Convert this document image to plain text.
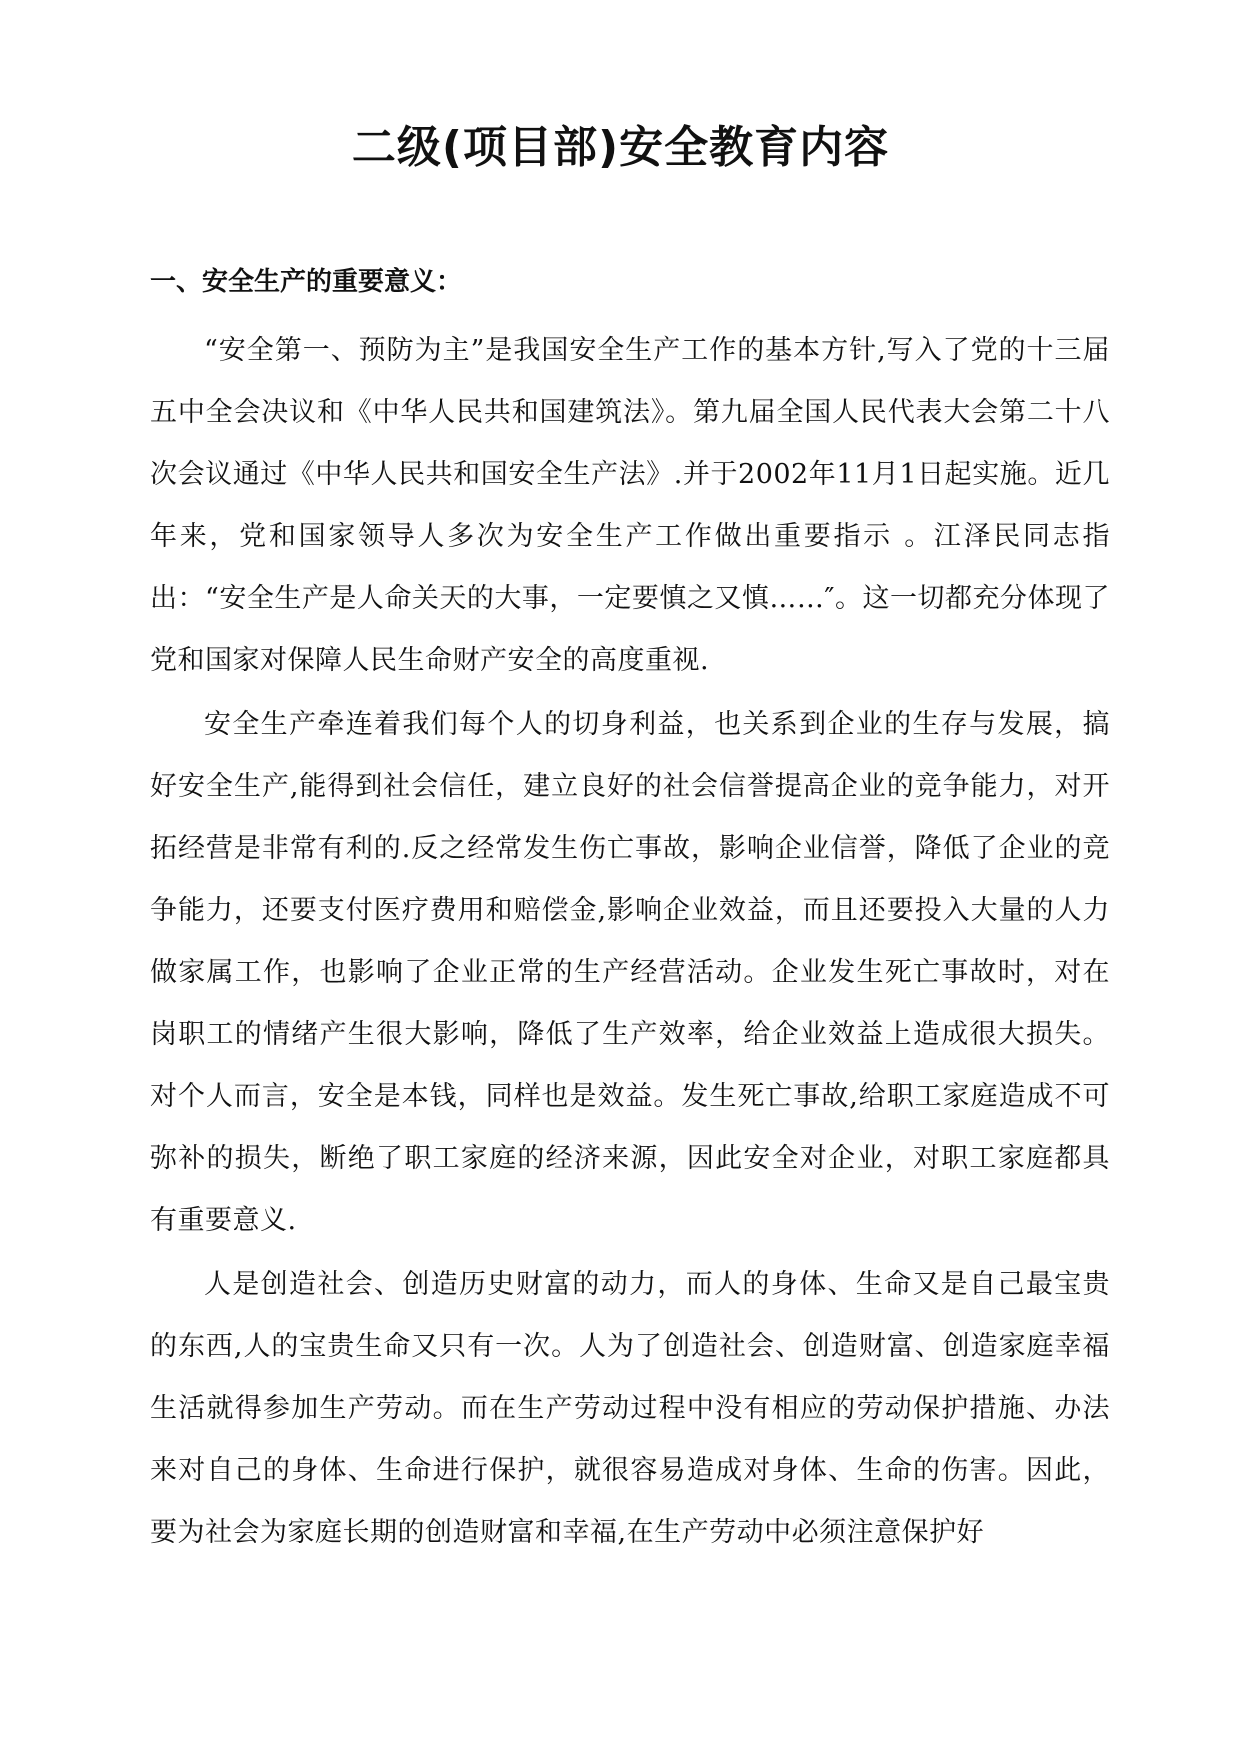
二级(项目部)安全教育内容
一、安全生产的重要意义：

“安全第一、预防为主”是我国安全生产工作的基本方针,写入了党的十三届五中全会决议和《中华人民共和国建筑法》。第九届全国人民代表大会第二十八次会议通过《中华人民共和国安全生产法》.并于2002年11月1日起实施。近几年来，党和国家领导人多次为安全生产工作做出重要指示 。江泽民同志指出：“安全生产是人命关天的大事，一定要慎之又慎……″。这一切都充分体现了党和国家对保障人民生命财产安全的高度重视.

安全生产牵连着我们每个人的切身利益，也关系到企业的生存与发展，搞好安全生产,能得到社会信任，建立良好的社会信誉提高企业的竞争能力，对开拓经营是非常有利的.反之经常发生伤亡事故，影响企业信誉，降低了企业的竞争能力，还要支付医疗费用和赔偿金,影响企业效益，而且还要投入大量的人力做家属工作，也影响了企业正常的生产经营活动。企业发生死亡事故时，对在岗职工的情绪产生很大影响，降低了生产效率，给企业效益上造成很大损失。对个人而言，安全是本钱，同样也是效益。发生死亡事故,给职工家庭造成不可弥补的损失，断绝了职工家庭的经济来源，因此安全对企业，对职工家庭都具有重要意义.

人是创造社会、创造历史财富的动力，而人的身体、生命又是自己最宝贵的东西,人的宝贵生命又只有一次。人为了创造社会、创造财富、创造家庭幸福生活就得参加生产劳动。而在生产劳动过程中没有相应的劳动保护措施、办法来对自己的身体、生命进行保护，就很容易造成对身体、生命的伤害。因此，要为社会为家庭长期的创造财富和幸福,在生产劳动中必须注意保护好
